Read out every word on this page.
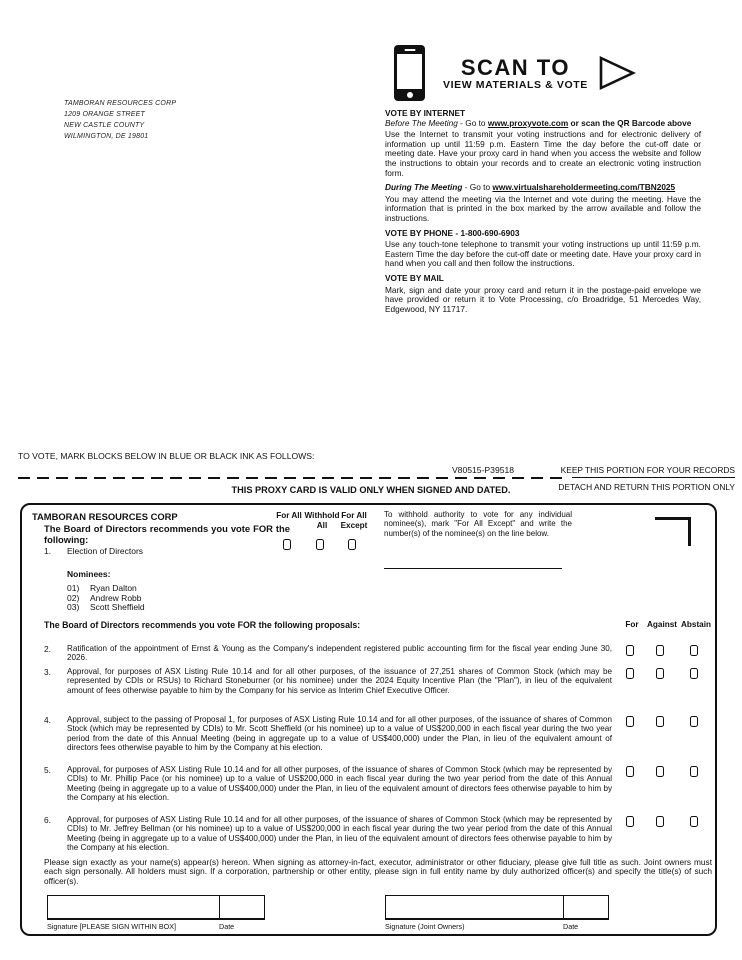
TAMBORAN RESOURCES CORP
1209 ORANGE STREET
NEW CASTLE COUNTY
WILMINGTON, DE 19801
SCAN TO
VIEW MATERIALS & VOTE
VOTE BY INTERNET
Before The Meeting - Go to www.proxyvote.com or scan the QR Barcode above

Use the Internet to transmit your voting instructions and for electronic delivery of information up until 11:59 p.m. Eastern Time the day before the cut-off date or meeting date. Have your proxy card in hand when you access the website and follow the instructions to obtain your records and to create an electronic voting instruction form.

During The Meeting - Go to www.virtualshareholdermeeting.com/TBN2025

You may attend the meeting via the Internet and vote during the meeting. Have the information that is printed in the box marked by the arrow available and follow the instructions.

VOTE BY PHONE - 1-800-690-6903

Use any touch-tone telephone to transmit your voting instructions up until 11:59 p.m. Eastern Time the day before the cut-off date or meeting date. Have your proxy card in hand when you call and then follow the instructions.

VOTE BY MAIL

Mark, sign and date your proxy card and return it in the postage-paid envelope we have provided or return it to Vote Processing, c/o Broadridge, 51 Mercedes Way, Edgewood, NY 11717.

TO VOTE, MARK BLOCKS BELOW IN BLUE OR BLACK INK AS FOLLOWS:
V80515-P39518	KEEP THIS PORTION FOR YOUR RECORDS
THIS PROXY CARD IS VALID ONLY WHEN SIGNED AND DATED.	DETACH AND RETURN THIS PORTION ONLY
TAMBORAN RESOURCES CORP
The Board of Directors recommends you vote FOR the following:
For All Withhold All
For All Except
1. Election of Directors
Nominees:
01) Ryan Dalton
02) Andrew Robb
03) Scott Sheffield
To withhold authority to vote for any individual nominee(s), mark "For All Except" and write the number(s) of the nominee(s) on the line below.
The Board of Directors recommends you vote FOR the following proposals:	For	Against Abstain
2. Ratification of the appointment of Ernst & Young as the Company's independent registered public accounting firm for the fiscal year ending June 30, 2026.
3. Approval, for purposes of ASX Listing Rule 10.14 and for all other purposes, of the issuance of 27,251 shares of Common Stock (which may be represented by CDIs or RSUs) to Richard Stoneburner (or his nominee) under the 2024 Equity Incentive Plan (the "Plan"), in lieu of the equivalent amount of fees otherwise payable to him by the Company for his service as Interim Chief Executive Officer.
4. Approval, subject to the passing of Proposal 1, for purposes of ASX Listing Rule 10.14 and for all other purposes, of the issuance of shares of Common Stock (which may be represented by CDIs) to Mr. Scott Sheffield (or his nominee) up to a value of US$200,000 in each fiscal year during the two year period from the date of this Annual Meeting (being in aggregate up to a value of US$400,000) under the Plan, in lieu of the equivalent amount of directors fees otherwise payable to him by the Company at his election.
5. Approval, for purposes of ASX Listing Rule 10.14 and for all other purposes, of the issuance of shares of Common Stock (which may be represented by CDIs) to Mr. Phillip Pace (or his nominee) up to a value of US$200,000 in each fiscal year during the two year period from the date of this Annual Meeting (being in aggregate up to a value of US$400,000) under the Plan, in lieu of the equivalent amount of directors fees otherwise payable to him by the Company at his election.
6. Approval, for purposes of ASX Listing Rule 10.14 and for all other purposes, of the issuance of shares of Common Stock (which may be represented by CDIs) to Mr. Jeffrey Bellman (or his nominee) up to a value of US$200,000 in each fiscal year during the two year period from the date of this Annual Meeting (being in aggregate up to a value of US$400,000) under the Plan, in lieu of the equivalent amount of directors fees otherwise payable to him by the Company at his election.
Please sign exactly as your name(s) appear(s) hereon. When signing as attorney-in-fact, executor, administrator or other fiduciary, please give full title as such. Joint owners must each sign personally. All holders must sign. If a corporation, partnership or other entity, please sign in full entity name by duly authorized officer(s) and specify the title(s) of such officer(s).
Signature [PLEASE SIGN WITHIN BOX]	Date	Signature (Joint Owners)	Date
